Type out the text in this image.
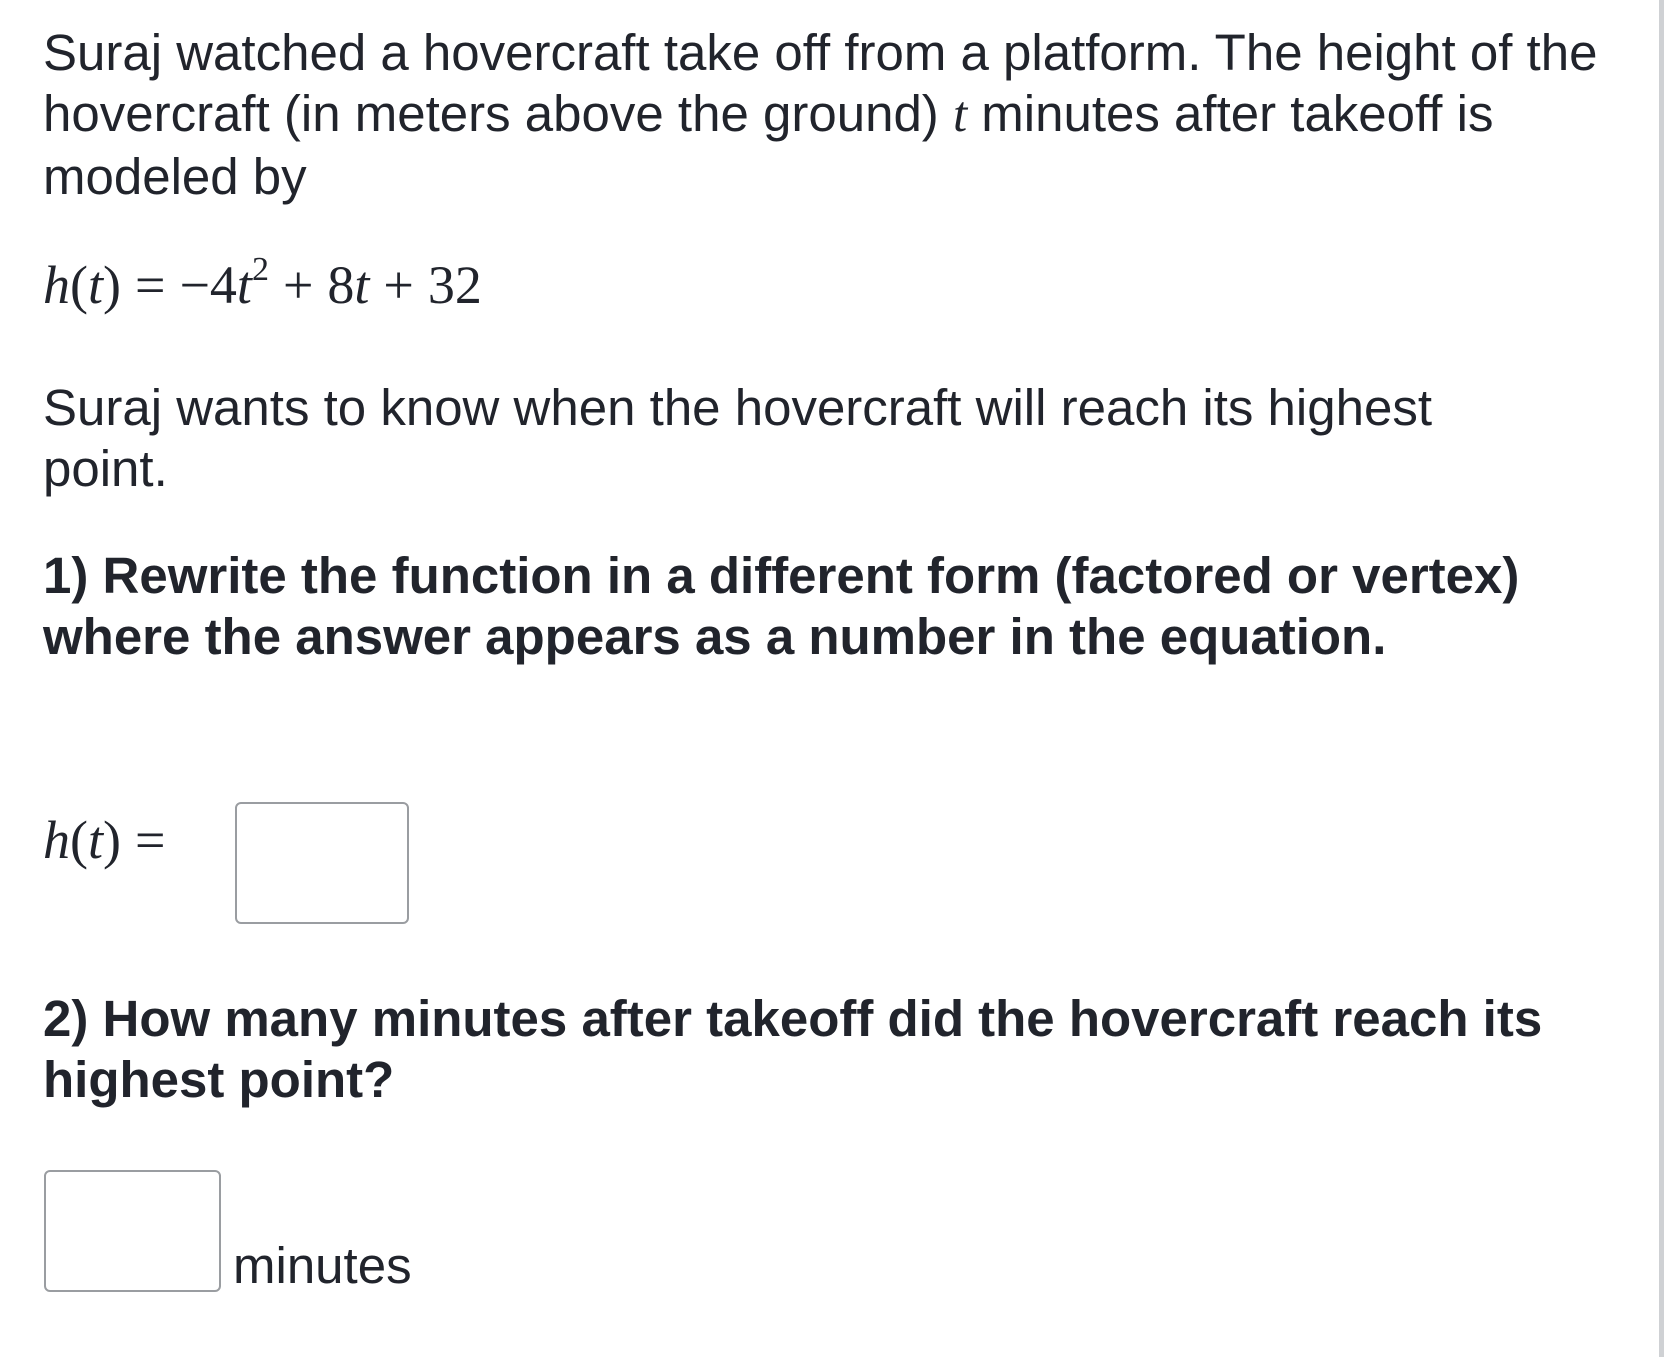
Suraj watched a hovercraft take off from a platform. The height of the hovercraft (in meters above the ground) t minutes after takeoff is modeled by

$h(t) = -4t^2 + 8t + 32$

Suraj wants to know when the hovercraft will reach its highest point.

1) Rewrite the function in a different form (factored or vertex) where the answer appears as a number in the equation.

h(t) =

2) How many minutes after takeoff did the hovercraft reach its highest point?

minutes
